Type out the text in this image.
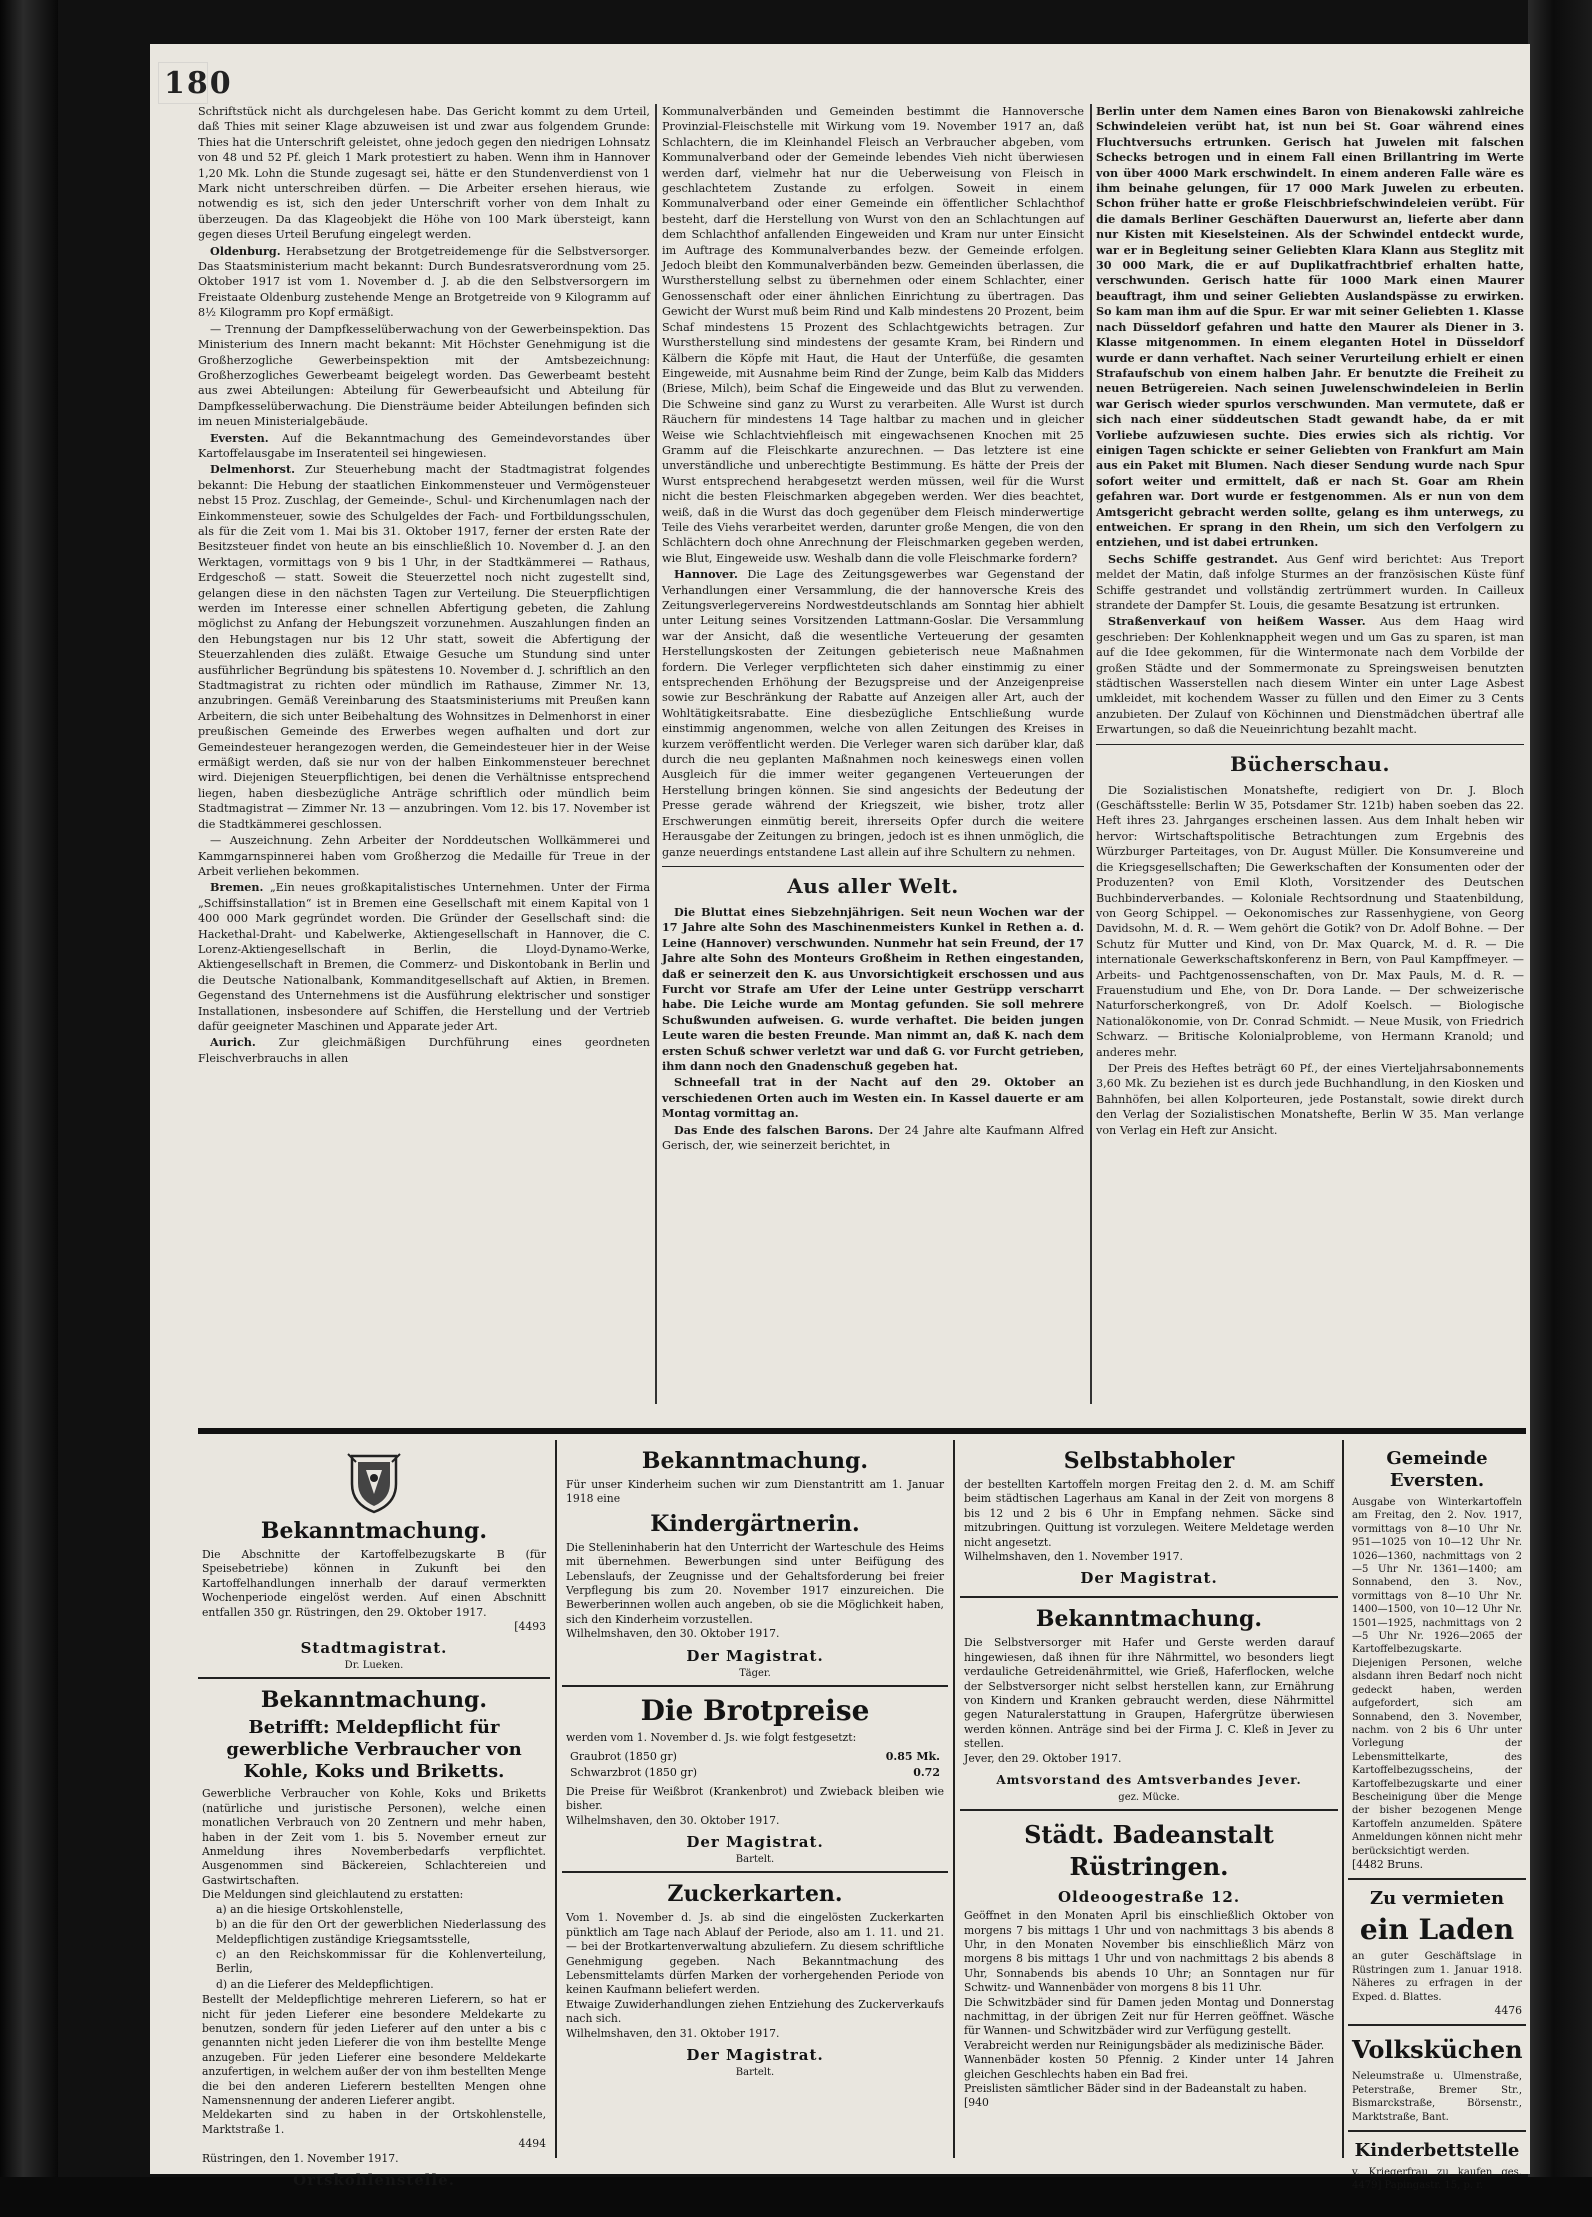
180

Schriftstück nicht als durchgelesen habe. Das Gericht kommt zu dem Urteil, daß Thies mit seiner Klage abzuweisen ist und zwar aus folgendem Grunde: Thies hat die Unterschrift geleistet, ohne jedoch gegen den niedrigen Lohnsatz von 48 und 52 Pf. gleich 1 Mark protestiert zu haben. Wenn ihm in Hannover 1,20 Mk. Lohn die Stunde zugesagt sei, hätte er den Stundenverdienst von 1 Mark nicht unterschreiben dürfen. — Die Arbeiter ersehen hieraus, wie notwendig es ist, sich den jeder Unterschrift vorher von dem Inhalt zu überzeugen. Da das Klageobjekt die Höhe von 100 Mark übersteigt, kann gegen dieses Urteil Berufung eingelegt werden.

Oldenburg. Herabsetzung der Brotgetreidemenge für die Selbstversorger. Das Staatsministerium macht bekannt: Durch Bundesratsverordnung vom 25. Oktober 1917 ist vom 1. November d. J. ab die den Selbstversorgern im Freistaate Oldenburg zustehende Menge an Brotgetreide von 9 Kilogramm auf 8½ Kilogramm pro Kopf ermäßigt.

— Trennung der Dampfkesselüberwachung von der Gewerbeinspektion. Das Ministerium des Innern macht bekannt: Mit Höchster Genehmigung ist die Großherzogliche Gewerbeinspektion mit der Amtsbezeichnung: Großherzogliches Gewerbeamt beigelegt worden. Das Gewerbeamt besteht aus zwei Abteilungen: Abteilung für Gewerbeaufsicht und Abteilung für Dampfkesselüberwachung. Die Diensträume beider Abteilungen befinden sich im neuen Ministerialgebäude.

Eversten. Auf die Bekanntmachung des Gemeindevorstandes über Kartoffelausgabe im Inseratenteil sei hingewiesen.

Delmenhorst. Zur Steuerhebung macht der Stadtmagistrat folgendes bekannt: Die Hebung der staatlichen Einkommensteuer und Vermögensteuer nebst 15 Proz. Zuschlag, der Gemeinde-, Schul- und Kirchenumlagen nach der Einkommensteuer, sowie des Schulgeldes der Fach- und Fortbildungsschulen, als für die Zeit vom 1. Mai bis 31. Oktober 1917, ferner der ersten Rate der Besitzsteuer findet von heute an bis einschließlich 10. November d. J. an den Werktagen, vormittags von 9 bis 1 Uhr, in der Stadtkämmerei — Rathaus, Erdgeschoß — statt. Soweit die Steuerzettel noch nicht zugestellt sind, gelangen diese in den nächsten Tagen zur Verteilung. Die Steuerpflichtigen werden im Interesse einer schnellen Abfertigung gebeten, die Zahlung möglichst zu Anfang der Hebungszeit vorzunehmen. Auszahlungen finden an den Hebungstagen nur bis 12 Uhr statt, soweit die Abfertigung der Steuerzahlenden dies zuläßt. Etwaige Gesuche um Stundung sind unter ausführlicher Begründung bis spätestens 10. November d. J. schriftlich an den Stadtmagistrat zu richten oder mündlich im Rathause, Zimmer Nr. 13, anzubringen. Gemäß Vereinbarung des Staatsministeriums mit Preußen kann Arbeitern, die sich unter Beibehaltung des Wohnsitzes in Delmenhorst in einer preußischen Gemeinde des Erwerbes wegen aufhalten und dort zur Gemeindesteuer herangezogen werden, die Gemeindesteuer hier in der Weise ermäßigt werden, daß sie nur von der halben Einkommensteuer berechnet wird. Diejenigen Steuerpflichtigen, bei denen die Verhältnisse entsprechend liegen, haben diesbezügliche Anträge schriftlich oder mündlich beim Stadtmagistrat — Zimmer Nr. 13 — anzubringen. Vom 12. bis 17. November ist die Stadtkämmerei geschlossen.

— Auszeichnung. Zehn Arbeiter der Norddeutschen Wollkämmerei und Kammgarnspinnerei haben vom Großherzog die Medaille für Treue in der Arbeit verliehen bekommen.

Bremen. „Ein neues großkapitalistisches Unternehmen. Unter der Firma „Schiffsinstallation“ ist in Bremen eine Gesellschaft mit einem Kapital von 1 400 000 Mark gegründet worden. Die Gründer der Gesellschaft sind: die Hackethal-Draht- und Kabelwerke, Aktiengesellschaft in Hannover, die C. Lorenz-Aktiengesellschaft in Berlin, die Lloyd-Dynamo-Werke, Aktiengesellschaft in Bremen, die Commerz- und Diskontobank in Berlin und die Deutsche Nationalbank, Kommanditgesellschaft auf Aktien, in Bremen. Gegenstand des Unternehmens ist die Ausführung elektrischer und sonstiger Installationen, insbesondere auf Schiffen, die Herstellung und der Vertrieb dafür geeigneter Maschinen und Apparate jeder Art.

Aurich. Zur gleichmäßigen Durchführung eines geordneten Fleischverbrauchs in allen

Kommunalverbänden und Gemeinden bestimmt die Hannoversche Provinzial-Fleischstelle mit Wirkung vom 19. November 1917 an, daß Schlachtern, die im Kleinhandel Fleisch an Verbraucher abgeben, vom Kommunalverband oder der Gemeinde lebendes Vieh nicht überwiesen werden darf, vielmehr hat nur die Ueberweisung von Fleisch in geschlachtetem Zustande zu erfolgen. Soweit in einem Kommunalverband oder einer Gemeinde ein öffentlicher Schlachthof besteht, darf die Herstellung von Wurst von den an Schlachtungen auf dem Schlachthof anfallenden Eingeweiden und Kram nur unter Einsicht im Auftrage des Kommunalverbandes bezw. der Gemeinde erfolgen. Jedoch bleibt den Kommunalverbänden bezw. Gemeinden überlassen, die Wurstherstellung selbst zu übernehmen oder einem Schlachter, einer Genossenschaft oder einer ähnlichen Einrichtung zu übertragen. Das Gewicht der Wurst muß beim Rind und Kalb mindestens 20 Prozent, beim Schaf mindestens 15 Prozent des Schlachtgewichts betragen. Zur Wurstherstellung sind mindestens der gesamte Kram, bei Rindern und Kälbern die Köpfe mit Haut, die Haut der Unterfüße, die gesamten Eingeweide, mit Ausnahme beim Rind der Zunge, beim Kalb das Midders (Briese, Milch), beim Schaf die Eingeweide und das Blut zu verwenden. Die Schweine sind ganz zu Wurst zu verarbeiten. Alle Wurst ist durch Räuchern für mindestens 14 Tage haltbar zu machen und in gleicher Weise wie Schlachtviehfleisch mit eingewachsenen Knochen mit 25 Gramm auf die Fleischkarte anzurechnen. — Das letztere ist eine unverständliche und unberechtigte Bestimmung. Es hätte der Preis der Wurst entsprechend herabgesetzt werden müssen, weil für die Wurst nicht die besten Fleischmarken abgegeben werden. Wer dies beachtet, weiß, daß in die Wurst das doch gegenüber dem Fleisch minderwertige Teile des Viehs verarbeitet werden, darunter große Mengen, die von den Schlächtern doch ohne Anrechnung der Fleischmarken gegeben werden, wie Blut, Eingeweide usw. Weshalb dann die volle Fleischmarke fordern?

Hannover. Die Lage des Zeitungsgewerbes war Gegenstand der Verhandlungen einer Versammlung, die der hannoversche Kreis des Zeitungsverlegervereins Nordwestdeutschlands am Sonntag hier abhielt unter Leitung seines Vorsitzenden Lattmann-Goslar. Die Versammlung war der Ansicht, daß die wesentliche Verteuerung der gesamten Herstellungskosten der Zeitungen gebieterisch neue Maßnahmen fordern. Die Verleger verpflichteten sich daher einstimmig zu einer entsprechenden Erhöhung der Bezugspreise und der Anzeigenpreise sowie zur Beschränkung der Rabatte auf Anzeigen aller Art, auch der Wohltätigkeitsrabatte. Eine diesbezügliche Entschließung wurde einstimmig angenommen, welche von allen Zeitungen des Kreises in kurzem veröffentlicht werden. Die Verleger waren sich darüber klar, daß durch die neu geplanten Maßnahmen noch keineswegs einen vollen Ausgleich für die immer weiter gegangenen Verteuerungen der Herstellung bringen können. Sie sind angesichts der Bedeutung der Presse gerade während der Kriegszeit, wie bisher, trotz aller Erschwerungen einmütig bereit, ihrerseits Opfer durch die weitere Herausgabe der Zeitungen zu bringen, jedoch ist es ihnen unmöglich, die ganze neuerdings entstandene Last allein auf ihre Schultern zu nehmen.

Aus aller Welt.

Die Bluttat eines Siebzehnjährigen. Seit neun Wochen war der 17 Jahre alte Sohn des Maschinenmeisters Kunkel in Rethen a. d. Leine (Hannover) verschwunden. Nunmehr hat sein Freund, der 17 Jahre alte Sohn des Monteurs Großheim in Rethen eingestanden, daß er seinerzeit den K. aus Unvorsichtigkeit erschossen und aus Furcht vor Strafe am Ufer der Leine unter Gestrüpp verscharrt habe. Die Leiche wurde am Montag gefunden. Sie soll mehrere Schußwunden aufweisen. G. wurde verhaftet. Die beiden jungen Leute waren die besten Freunde. Man nimmt an, daß K. nach dem ersten Schuß schwer verletzt war und daß G. vor Furcht getrieben, ihm dann noch den Gnadenschuß gegeben hat.

Schneefall trat in der Nacht auf den 29. Oktober an verschiedenen Orten auch im Westen ein. In Kassel dauerte er am Montag vormittag an.

Das Ende des falschen Barons. Der 24 Jahre alte Kaufmann Alfred Gerisch, der, wie seinerzeit berichtet, in

Berlin unter dem Namen eines Baron von Bienakowski zahlreiche Schwindeleien verübt hat, ist nun bei St. Goar während eines Fluchtversuchs ertrunken. Gerisch hat Juwelen mit falschen Schecks betrogen und in einem Fall einen Brillantring im Werte von über 4000 Mark erschwindelt. In einem anderen Falle wäre es ihm beinahe gelungen, für 17 000 Mark Juwelen zu erbeuten. Schon früher hatte er große Fleischbriefschwindeleien verübt. Für die damals Berliner Geschäften Dauerwurst an, lieferte aber dann nur Kisten mit Kieselsteinen. Als der Schwindel entdeckt wurde, war er in Begleitung seiner Geliebten Klara Klann aus Steglitz mit 30 000 Mark, die er auf Duplikatfrachtbrief erhalten hatte, verschwunden. Gerisch hatte für 1000 Mark einen Maurer beauftragt, ihm und seiner Geliebten Auslandspässe zu erwirken. So kam man ihm auf die Spur. Er war mit seiner Geliebten 1. Klasse nach Düsseldorf gefahren und hatte den Maurer als Diener in 3. Klasse mitgenommen. In einem eleganten Hotel in Düsseldorf wurde er dann verhaftet. Nach seiner Verurteilung erhielt er einen Strafaufschub von einem halben Jahr. Er benutzte die Freiheit zu neuen Betrügereien. Nach seinen Juwelenschwindeleien in Berlin war Gerisch wieder spurlos verschwunden. Man vermutete, daß er sich nach einer süddeutschen Stadt gewandt habe, da er mit Vorliebe aufzuwiesen suchte. Dies erwies sich als richtig. Vor einigen Tagen schickte er seiner Geliebten von Frankfurt am Main aus ein Paket mit Blumen. Nach dieser Sendung wurde nach Spur sofort weiter und ermittelt, daß er nach St. Goar am Rhein gefahren war. Dort wurde er festgenommen. Als er nun von dem Amtsgericht gebracht werden sollte, gelang es ihm unterwegs, zu entweichen. Er sprang in den Rhein, um sich den Verfolgern zu entziehen, und ist dabei ertrunken.

Sechs Schiffe gestrandet. Aus Genf wird berichtet: Aus Treport meldet der Matin, daß infolge Sturmes an der französischen Küste fünf Schiffe gestrandet und vollständig zertrümmert wurden. In Cailleux strandete der Dampfer St. Louis, die gesamte Besatzung ist ertrunken.

Straßenverkauf von heißem Wasser. Aus dem Haag wird geschrieben: Der Kohlenknappheit wegen und um Gas zu sparen, ist man auf die Idee gekommen, für die Wintermonate nach dem Vorbilde der großen Städte und der Sommermonate zu Spreingsweisen benutzten städtischen Wasserstellen nach diesem Winter ein unter Lage Asbest umkleidet, mit kochendem Wasser zu füllen und den Eimer zu 3 Cents anzubieten. Der Zulauf von Köchinnen und Dienstmädchen übertraf alle Erwartungen, so daß die Neueinrichtung bezahlt macht.

Bücherschau.

Die Sozialistischen Monatshefte, redigiert von Dr. J. Bloch (Geschäftsstelle: Berlin W 35, Potsdamer Str. 121b) haben soeben das 22. Heft ihres 23. Jahrganges erscheinen lassen. Aus dem Inhalt heben wir hervor: Wirtschaftspolitische Betrachtungen zum Ergebnis des Würzburger Parteitages, von Dr. August Müller. Die Konsumvereine und die Kriegsgesellschaften; Die Gewerkschaften der Konsumenten oder der Produzenten? von Emil Kloth, Vorsitzender des Deutschen Buchbinderverbandes. — Koloniale Rechtsordnung und Staatenbildung, von Georg Schippel. — Oekonomisches zur Rassenhygiene, von Georg Davidsohn, M. d. R. — Wem gehört die Gotik? von Dr. Adolf Bohne. — Der Schutz für Mutter und Kind, von Dr. Max Quarck, M. d. R. — Die internationale Gewerkschaftskonferenz in Bern, von Paul Kampffmeyer. — Arbeits- und Pachtgenossenschaften, von Dr. Max Pauls, M. d. R. — Frauenstudium und Ehe, von Dr. Dora Lande. — Der schweizerische Naturforscherkongreß, von Dr. Adolf Koelsch. — Biologische Nationalökonomie, von Dr. Conrad Schmidt. — Neue Musik, von Friedrich Schwarz. — Britische Kolonialprobleme, von Hermann Kranold; und anderes mehr.

Der Preis des Heftes beträgt 60 Pf., der eines Vierteljahrsabonnements 3,60 Mk. Zu beziehen ist es durch jede Buchhandlung, in den Kiosken und Bahnhöfen, bei allen Kolporteuren, jede Postanstalt, sowie direkt durch den Verlag der Sozialistischen Monatshefte, Berlin W 35. Man verlange von Verlag ein Heft zur Ansicht.

Bekanntmachung.
Die Abschnitte der Kartoffelbezugskarte B (für Speisebetriebe) können in Zukunft bei den Kartoffelhandlungen innerhalb der darauf vermerkten Wochenperiode eingelöst werden. Auf einen Abschnitt entfallen 350 gr. Rüstringen, den 29. Oktober 1917.
[4493
Stadtmagistrat.
Dr. Lueken.
Bekanntmachung.
Betrifft: Meldepflicht für gewerbliche Verbraucher von Kohle, Koks und Briketts.
Gewerbliche Verbraucher von Kohle, Koks und Briketts (natürliche und juristische Personen), welche einen monatlichen Verbrauch von 20 Zentnern und mehr haben, haben in der Zeit vom 1. bis 5. November erneut zur Anmeldung ihres Novemberbedarfs verpflichtet. Ausgenommen sind Bäckereien, Schlachtereien und Gastwirtschaften.
Die Meldungen sind gleichlautend zu erstatten:

a) an die hiesige Ortskohlenstelle,

b) an die für den Ort der gewerblichen Niederlassung des Meldepflichtigen zuständige Kriegsamtsstelle,

c) an den Reichskommissar für die Kohlenverteilung, Berlin,

d) an die Lieferer des Meldepflichtigen.

Bestellt der Meldepflichtige mehreren Lieferern, so hat er nicht für jeden Lieferer eine besondere Meldekarte zu benutzen, sondern für jeden Lieferer auf den unter a bis c genannten nicht jeden Lieferer die von ihm bestellte Menge anzugeben. Für jeden Lieferer eine besondere Meldekarte anzufertigen, in welchem außer der von ihm bestellten Menge die bei den anderen Lieferern bestellten Mengen ohne Namensnennung der anderen Lieferer angibt.
Meldekarten sind zu haben in der Ortskohlenstelle, Marktstraße 1.
4494
Rüstringen, den 1. November 1917.
Ortskohlenstelle.
Bekanntmachung.
Für unser Kinderheim suchen wir zum Dienstantritt am 1. Januar 1918 eine
Kindergärtnerin.
Die Stelleninhaberin hat den Unterricht der Warteschule des Heims mit übernehmen. Bewerbungen sind unter Beifügung des Lebenslaufs, der Zeugnisse und der Gehaltsforderung bei freier Verpflegung bis zum 20. November 1917 einzureichen. Die Bewerberinnen wollen auch angeben, ob sie die Möglichkeit haben, sich den Kinderheim vorzustellen.
Wilhelmshaven, den 30. Oktober 1917.
Der Magistrat.
Täger.
Die Brotpreise
werden vom 1. November d. Js. wie folgt festgesetzt:
Graubrot (1850 gr)	0.85 Mk.
Schwarzbrot (1850 gr)	0.72
Die Preise für Weißbrot (Krankenbrot) und Zwieback bleiben wie bisher.
Wilhelmshaven, den 30. Oktober 1917.
Der Magistrat.
Bartelt.
Zuckerkarten.
Vom 1. November d. Js. ab sind die eingelösten Zuckerkarten pünktlich am Tage nach Ablauf der Periode, also am 1. 11. und 21. — bei der Brotkartenverwaltung abzuliefern. Zu diesem schriftliche Genehmigung gegeben. Nach Bekanntmachung des Lebensmittelamts dürfen Marken der vorhergehenden Periode von keinen Kaufmann beliefert werden.
Etwaige Zuwiderhandlungen ziehen Entziehung des Zuckerverkaufs nach sich.
Wilhelmshaven, den 31. Oktober 1917.
Der Magistrat.
Bartelt.
Selbstabholer
der bestellten Kartoffeln morgen Freitag den 2. d. M. am Schiff beim städtischen Lagerhaus am Kanal in der Zeit von morgens 8 bis 12 und 2 bis 6 Uhr in Empfang nehmen. Säcke sind mitzubringen. Quittung ist vorzulegen. Weitere Meldetage werden nicht angesetzt.
Wilhelmshaven, den 1. November 1917.
Der Magistrat.
Bekanntmachung.
Die Selbstversorger mit Hafer und Gerste werden darauf hingewiesen, daß ihnen für ihre Nährmittel, wo besonders liegt verdauliche Getreidenährmittel, wie Grieß, Haferflocken, welche der Selbstversorger nicht selbst herstellen kann, zur Ernährung von Kindern und Kranken gebraucht werden, diese Nährmittel gegen Naturalerstattung in Graupen, Hafergrütze überwiesen werden können. Anträge sind bei der Firma J. C. Kleß in Jever zu stellen.
Jever, den 29. Oktober 1917.
Amtsvorstand des Amtsverbandes Jever.
gez. Mücke.
Städt. Badeanstalt Rüstringen.
Oldeoogestraße 12.
Geöffnet in den Monaten April bis einschließlich Oktober von morgens 7 bis mittags 1 Uhr und von nachmittags 3 bis abends 8 Uhr, in den Monaten November bis einschließlich März von morgens 8 bis mittags 1 Uhr und von nachmittags 2 bis abends 8 Uhr, Sonnabends bis abends 10 Uhr; an Sonntagen nur für Schwitz- und Wannenbäder von morgens 8 bis 11 Uhr.
Die Schwitzbäder sind für Damen jeden Montag und Donnerstag nachmittag, in der übrigen Zeit nur für Herren geöffnet. Wäsche für Wannen- und Schwitzbäder wird zur Verfügung gestellt.
Verabreicht werden nur Reinigungsbäder als medizinische Bäder.
Wannenbäder kosten 50 Pfennig. 2 Kinder unter 14 Jahren gleichen Geschlechts haben ein Bad frei.
Preislisten sämtlicher Bäder sind in der Badeanstalt zu haben.
[940
Gemeinde Eversten.
Ausgabe von Winterkartoffeln am Freitag, den 2. Nov. 1917, vormittags von 8—10 Uhr Nr. 951—1025 von 10—12 Uhr Nr. 1026—1360, nachmittags von 2—5 Uhr Nr. 1361—1400; am Sonnabend, den 3. Nov., vormittags von 8—10 Uhr Nr. 1400—1500, von 10—12 Uhr Nr. 1501—1925, nachmittags von 2—5 Uhr Nr. 1926—2065 der Kartoffelbezugskarte.
Diejenigen Personen, welche alsdann ihren Bedarf noch nicht gedeckt haben, werden aufgefordert, sich am Sonnabend, den 3. November, nachm. von 2 bis 6 Uhr unter Vorlegung der Lebensmittelkarte, des Kartoffelbezugsscheins, der Kartoffelbezugskarte und einer Bescheinigung über die Menge der bisher bezogenen Menge Kartoffeln anzumelden. Spätere Anmeldungen können nicht mehr berücksichtigt werden.
[4482 Bruns.
Zu vermieten
ein Laden
an guter Geschäftslage in Rüstringen zum 1. Januar 1918. Näheres zu erfragen in der Exped. d. Blattes.
4476
Volksküchen
Neleumstraße u. Ulmenstraße, Peterstraße, Bremer Str., Bismarckstraße, Börsenstr., Marktstraße, Bant.
Kinderbettstelle
v. Kriegerfrau zu kaufen ges. 4479] Papingastr. 15, p. r.
